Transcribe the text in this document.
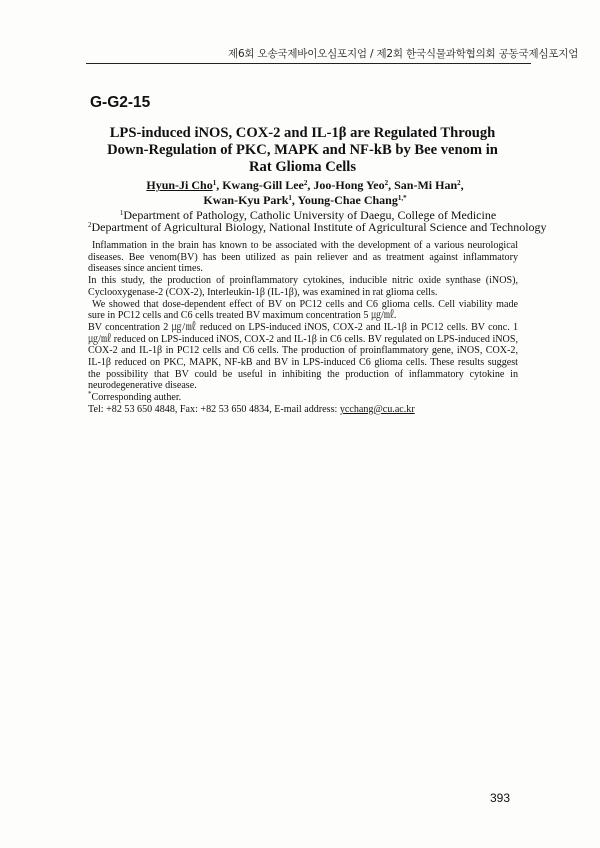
제6회 오송국제바이오심포지엄 / 제2회 한국식물과학협의회 공동국제심포지엄
G-G2-15
LPS-induced iNOS, COX-2 and IL-1β are Regulated Through Down-Regulation of PKC, MAPK and NF-kB by Bee venom in Rat Glioma Cells
Hyun-Ji Cho$^1$, Kwang-Gill Lee$^2$, Joo-Hong Yeo$^2$, San-Mi Han$^2$,
Kwan-Kyu Park$^1$, Young-Chae Chang$^{1,*}$
$^1$Department of Pathology, Catholic University of Daegu, College of Medicine
$^2$Department of Agricultural Biology, National Institute of Agricultural Science and Technology

Inflammation in the brain has known to be associated with the development of a various neurological diseases. Bee venom(BV) has been utilized as pain reliever and as treatment against inflammatory diseases since ancient times.

In this study, the production of proinflammatory cytokines, inducible nitric oxide synthase (iNOS), Cyclooxygenase-2 (COX-2), Interleukin-1β (IL-1β), was examined in rat glioma cells.

We showed that dose-dependent effect of BV on PC12 cells and C6 glioma cells. Cell viability made sure in PC12 cells and C6 cells treated BV maximum concentration 5 ㎍/㎖.

BV concentration 2 ㎍/㎖ reduced on LPS-induced iNOS, COX-2 and IL-1β in PC12 cells. BV conc. 1 ㎍/㎖ reduced on LPS-induced iNOS, COX-2 and IL-1β in C6 cells. BV regulated on LPS-induced iNOS, COX-2 and IL-1β in PC12 cells and C6 cells. The production of proinflammatory gene, iNOS, COX-2, IL-1β reduced on PKC, MAPK, NF-kB and BV in LPS-induced C6 glioma cells. These results suggest the possibility that BV could be useful in inhibiting the production of inflammatory cytokine in neurodegenerative disease.

*Corresponding auther.

Tel: +82 53 650 4848, Fax: +82 53 650 4834, E-mail address: ycchang@cu.ac.kr

393
